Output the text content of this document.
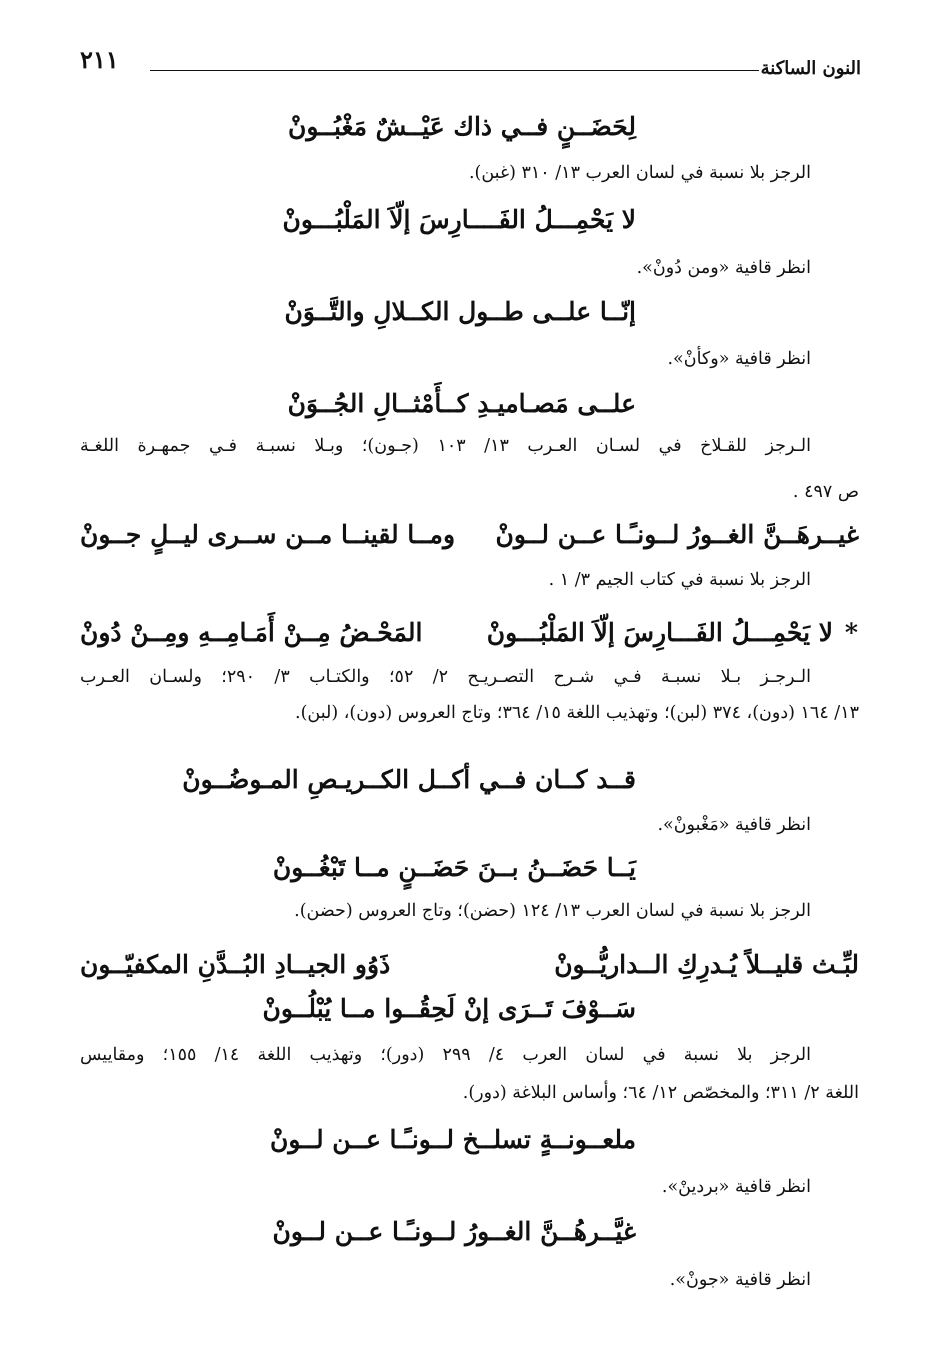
٢١١	النون الساكنة
لِحَضَــنٍ فــي ذاك عَيْــشٌ مَغْبُــونْ
الرجز بلا نسبة في لسان العرب ١٣/ ٣١٠ (غبن).
لا يَحْمِـــلُ الفَــــارِسَ إلّاَ المَلْبُـــونْ
انظر قافية «ومن دُونْ».
إنّــا علــى طــول الكــلالِ والتَّــوَنْ
انظر قافية «وكأنْ».
علــى مَصـاميـدِ كــأَمْثــالِ الجُــوَنْ
الـرجز للقـلاخ في لسـان العـرب ١٣/ ١٠٣ (جـون)؛ وبـلا نسبـة فـي جمهـرة اللغـة
ص ٤٩٧ .
غيــرهَــنَّ الغــورُ لــونـًـا عــن لــونْ
ومــا لقينــا مــن ســرى ليــلٍ جــونْ
الرجز بلا نسبة في كتاب الجيم ٣/ ١ .
*
لا يَحْمِـــلُ الفَـــارِسَ إلّاَ المَلْبُـــونْ
المَحْـضُ مِــنْ أَمَـامِــهِ ومِــنْ دُونْ
الـرجـز بـلا نسبـة فـي شـرح التصـريـح ٢/ ٥٢؛ والكتـاب ٣/ ٢٩٠؛ ولسـان العـرب
١٣/ ١٦٤ (دون)، ٣٧٤ (لبن)؛ وتهذيب اللغة ١٥/ ٣٦٤؛ وتاج العروس (دون)، (لبن).
قــد كــان فــي أكــل الكــريـصِ المـوضُــونْ
انظر قافية «مَغْبونْ».
يَــا حَضَــنُ بــنَ حَضَــنٍ مــا تَبْغُــونْ
الرجز بلا نسبة في لسان العرب ١٣/ ١٢٤ (حضن)؛ وتاج العروس (حضن).
لبِّـث قليــلاً يُـدرِكِ الــداريُّــونْ
ذَوُو الجيــادِ البُــدَّنِ المكفيّــون
سَــوْفَ تَــرَى إنْ لَحِقُــوا مــا يُبْلُــونْ
الرجز بلا نسبة في لسان العرب ٤/ ٢٩٩ (دور)؛ وتهذيب اللغة ١٤/ ١٥٥؛ ومقاييس
اللغة ٢/ ٣١١؛ والمخصّص ١٢/ ٦٤؛ وأساس البلاغة (دور).
ملعــونــةٍ تسلــخ لــونـًـا عــن لــونْ
انظر قافية «بردينْ».
غيَّــرهُــنَّ الغــورُ لــونـًـا عــن لــونْ
انظر قافية «جونْ».
